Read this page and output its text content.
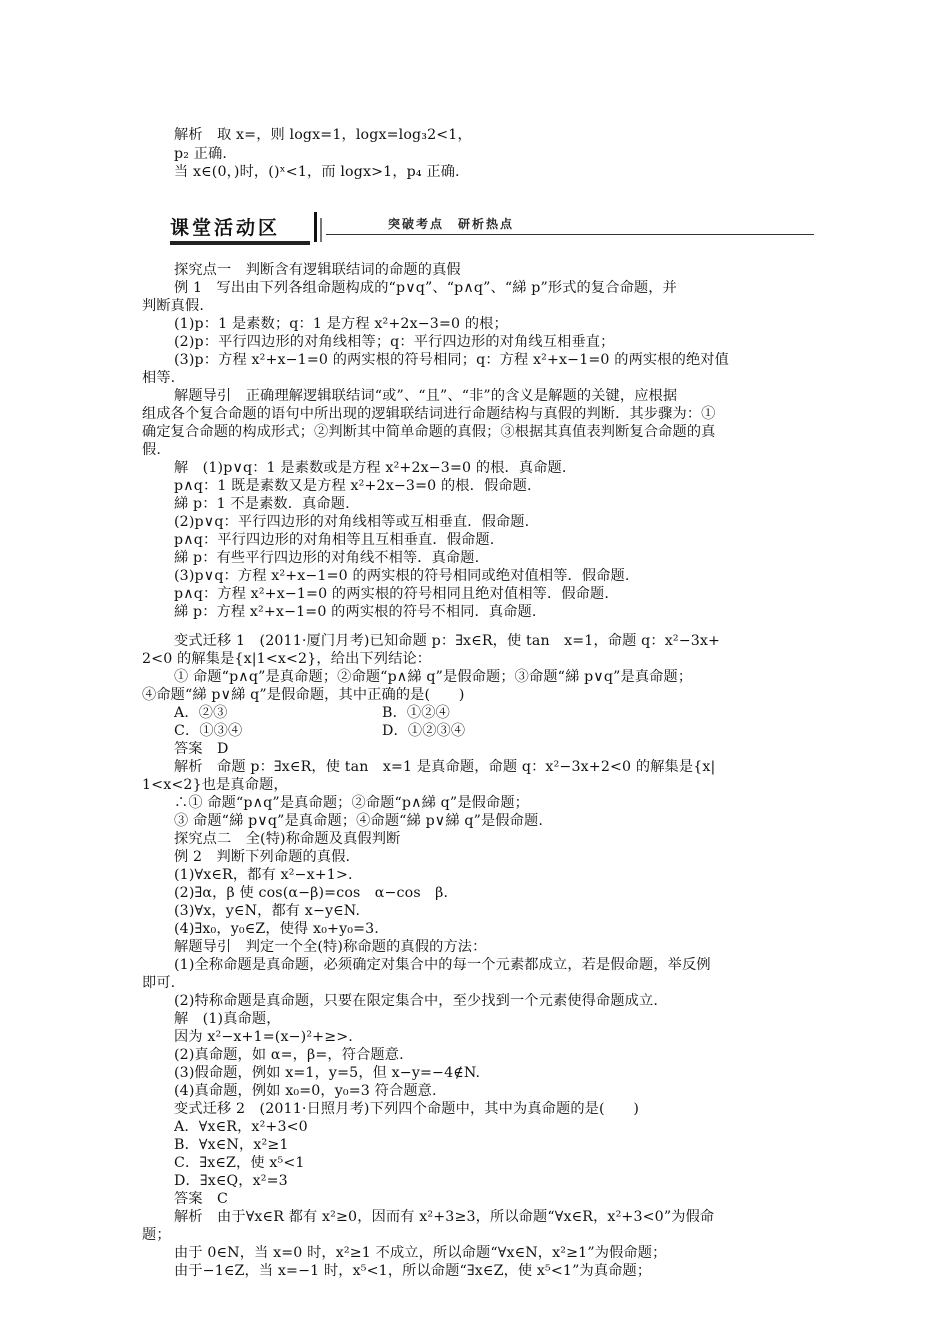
解析　取 x=，则 logx=1，logx=log₃2<1，
p₂ 正确.
当 x∈(0，)时，()ˣ<1，而 logx>1，p₄ 正确.
课堂活动区	突破考点　研析热点
探究点一　判断含有逻辑联结词的命题的真假
例 1　写出由下列各组命题构成的“p∨q”、“p∧q”、“綈 p”形式的复合命题，并
判断真假.
(1)p：1 是素数；q：1 是方程 x²+2x−3=0 的根；
(2)p：平行四边形的对角线相等；q：平行四边形的对角线互相垂直；
(3)p：方程 x²+x−1=0 的两实根的符号相同；q：方程 x²+x−1=0 的两实根的绝对值
相等.
解题导引　正确理解逻辑联结词“或”、“且”、“非”的含义是解题的关键，应根据
组成各个复合命题的语句中所出现的逻辑联结词进行命题结构与真假的判断．其步骤为：①
确定复合命题的构成形式；②判断其中简单命题的真假；③根据其真值表判断复合命题的真
假.
解　(1)p∨q：1 是素数或是方程 x²+2x−3=0 的根．真命题.
p∧q：1 既是素数又是方程 x²+2x−3=0 的根．假命题.
綈 p：1 不是素数．真命题.
(2)p∨q：平行四边形的对角线相等或互相垂直．假命题.
p∧q：平行四边形的对角相等且互相垂直．假命题.
綈 p：有些平行四边形的对角线不相等．真命题.
(3)p∨q：方程 x²+x−1=0 的两实根的符号相同或绝对值相等．假命题.
p∧q：方程 x²+x−1=0 的两实根的符号相同且绝对值相等．假命题.
綈 p：方程 x²+x−1=0 的两实根的符号不相同．真命题.
变式迁移 1　(2011·厦门月考)已知命题 p：∃x∈R，使 tan　x=1，命题 q：x²−3x+
2<0 的解集是{x|1<x<2}，给出下列结论：
① 命题“p∧q”是真命题；②命题“p∧綈 q”是假命题；③命题“綈 p∨q”是真命题；
④命题“綈 p∨綈 q”是假命题，其中正确的是(　　)
A．②③	B．①②④
C．①③④	D．①②③④
答案　D
解析　命题 p：∃x∈R，使 tan　x=1 是真命题，命题 q：x²−3x+2<0 的解集是{x|
1<x<2}也是真命题，
∴① 命题“p∧q”是真命题；②命题“p∧綈 q”是假命题；
③ 命题“綈 p∨q”是真命题；④命题“綈 p∨綈 q”是假命题.
探究点二　全(特)称命题及真假判断
例 2　判断下列命题的真假.
(1)∀x∈R，都有 x²−x+1>.
(2)∃α，β 使 cos(α−β)=cos　α−cos　β.
(3)∀x，y∈N，都有 x−y∈N.
(4)∃x₀，y₀∈Z，使得 x₀+y₀=3.
解题导引　判定一个全(特)称命题的真假的方法：
(1)全称命题是真命题，必须确定对集合中的每一个元素都成立，若是假命题，举反例
即可.
(2)特称命题是真命题，只要在限定集合中，至少找到一个元素使得命题成立.
解　(1)真命题，
因为 x²−x+1=(x−)²+≥>.
(2)真命题，如 α=，β=，符合题意.
(3)假命题，例如 x=1，y=5，但 x−y=−4∉N.
(4)真命题，例如 x₀=0，y₀=3 符合题意.
变式迁移 2　(2011·日照月考)下列四个命题中，其中为真命题的是(　　)
A．∀x∈R，x²+3<0
B．∀x∈N，x²≥1
C．∃x∈Z，使 x⁵<1
D．∃x∈Q，x²=3
答案　C
解析　由于∀x∈R 都有 x²≥0，因而有 x²+3≥3，所以命题“∀x∈R，x²+3<0”为假命
题；
由于 0∈N，当 x=0 时，x²≥1 不成立，所以命题“∀x∈N，x²≥1”为假命题；
由于−1∈Z，当 x=−1 时，x⁵<1，所以命题“∃x∈Z，使 x⁵<1”为真命题；
